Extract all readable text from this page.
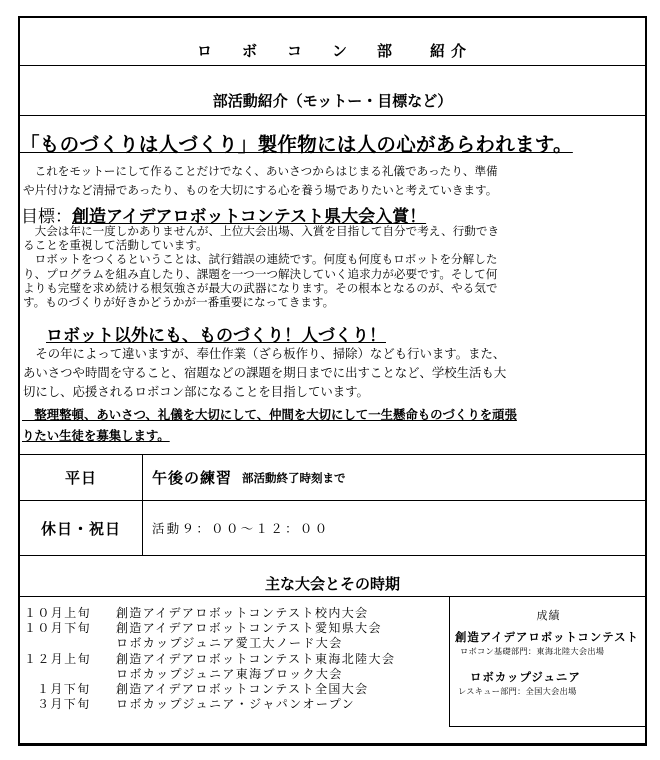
ロ ボ コ ン 部 紹 介
部活動紹介（モットー・目標など）
「ものづくりは人づくり」製作物には人の心があらわれます。
　これをモットーにして作ることだけでなく、あいさつからはじまる礼儀であったり、準備
や片付けなど清掃であったり、ものを大切にする心を養う場でありたいと考えていきます。
目標：創造アイデアロボットコンテスト県大会入賞！
　大会は年に一度しかありませんが、上位大会出場、入賞を目指して自分で考え、行動でき
ることを重視して活動しています。
　ロボットをつくるということは、試行錯誤の連続です。何度も何度もロボットを分解した
り、プログラムを組み直したり、課題を一つ一つ解決していく追求力が必要です。そして何
よりも完璧を求め続ける根気強さが最大の武器になります。その根本となるのが、やる気で
す。ものづくりが好きかどうかが一番重要になってきます。
ロボット以外にも、ものづくり！人づくり！
　その年によって違いますが、奉仕作業（ざら板作り、掃除）なども行います。また、
あいさつや時間を守ること、宿題などの課題を期日までに出すことなど、学校生活も大
切にし、応援されるロボコン部になることを目指しています。
　整理整頓、あいさつ、礼儀を大切にして、仲間を大切にして一生懸命ものづくりを頑張
りたい生徒を募集します。
平日	午後の練習 部活動終了時刻まで
休日・祝日	活動９：００～１２：００
主な大会とその時期
１０月上旬	創造アイデアロボットコンテスト校内大会
１０月下旬	創造アイデアロボットコンテスト愛知県大会
ロボカップジュニア愛工大ノード大会
１２月上旬	創造アイデアロボットコンテスト東海北陸大会
ロボカップジュニア東海ブロック大会
１月下旬	創造アイデアロボットコンテスト全国大会
３月下旬	ロボカップジュニア・ジャパンオープン
成績
創造アイデアロボットコンテスト
ロボコン基礎部門：東海北陸大会出場
ロボカップジュニア
レスキュー部門：全国大会出場
